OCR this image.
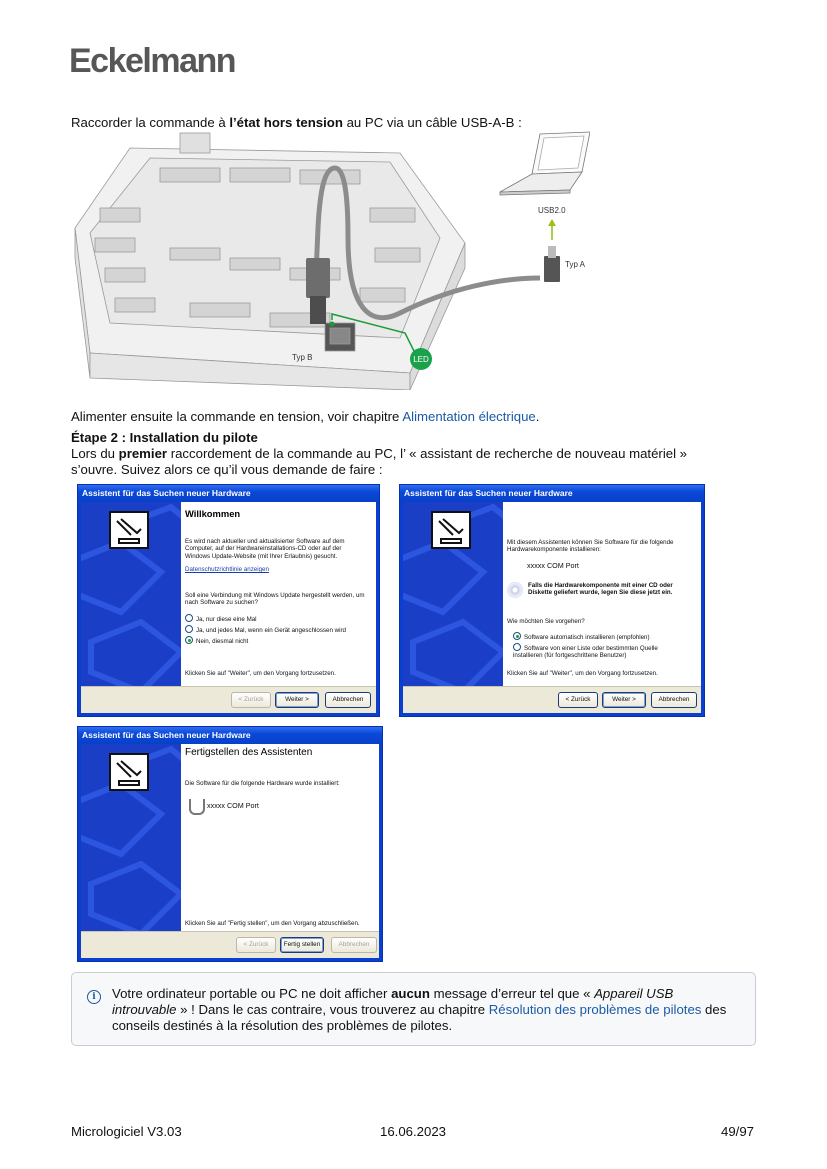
Eckelmann

Raccorder la commande à l’état hors tension au PC via un câble USB-A-B :

LED
Typ B
Typ A
USB2.0

Alimenter ensuite la commande en tension, voir chapitre Alimentation électrique.

Étape 2 : Installation du pilote

Lors du premier raccordement de la commande au PC, l’ « assistant de recherche de nouveau matériel »

s’ouvre. Suivez alors ce qu’il vous demande de faire :

Assistent für das Suchen neuer Hardware
Willkommen
Es wird nach aktueller und aktualisierter Software auf dem Computer, auf der Hardwareinstallations-CD oder auf der Windows Update-Website (mit Ihrer Erlaubnis) gesucht.
Datenschutzrichtlinie anzeigen
Soll eine Verbindung mit Windows Update hergestellt werden, um nach Software zu suchen?
Ja, nur diese eine Mal
Ja, und jedes Mal, wenn ein Gerät angeschlossen wird
Nein, diesmal nicht
Klicken Sie auf "Weiter", um den Vorgang fortzusetzen.
< Zurück	Weiter >	Abbrechen
Assistent für das Suchen neuer Hardware
Mit diesem Assistenten können Sie Software für die folgende Hardwarekomponente installieren:
xxxxx COM Port
Falls die Hardwarekomponente mit einer CD oder Diskette geliefert wurde, legen Sie diese jetzt ein.
Wie möchten Sie vorgehen?
Software automatisch installieren (empfohlen)
Software von einer Liste oder bestimmten Quelle installieren (für fortgeschrittene Benutzer)
Klicken Sie auf "Weiter", um den Vorgang fortzusetzen.
< Zurück	Weiter >	Abbrechen
Assistent für das Suchen neuer Hardware
Fertigstellen des Assistenten
Die Software für die folgende Hardware wurde installiert:
xxxxx COM Port
Klicken Sie auf "Fertig stellen", um den Vorgang abzuschließen.
< Zurück	Fertig stellen	Abbrechen
i	Votre ordinateur portable ou PC ne doit afficher aucun message d’erreur tel que « Appareil USB introuvable » ! Dans le cas contraire, vous trouverez au chapitre Résolution des problèmes de pilotes des conseils destinés à la résolution des problèmes de pilotes.
Micrologiciel V3.03	16.06.2023	49/97
